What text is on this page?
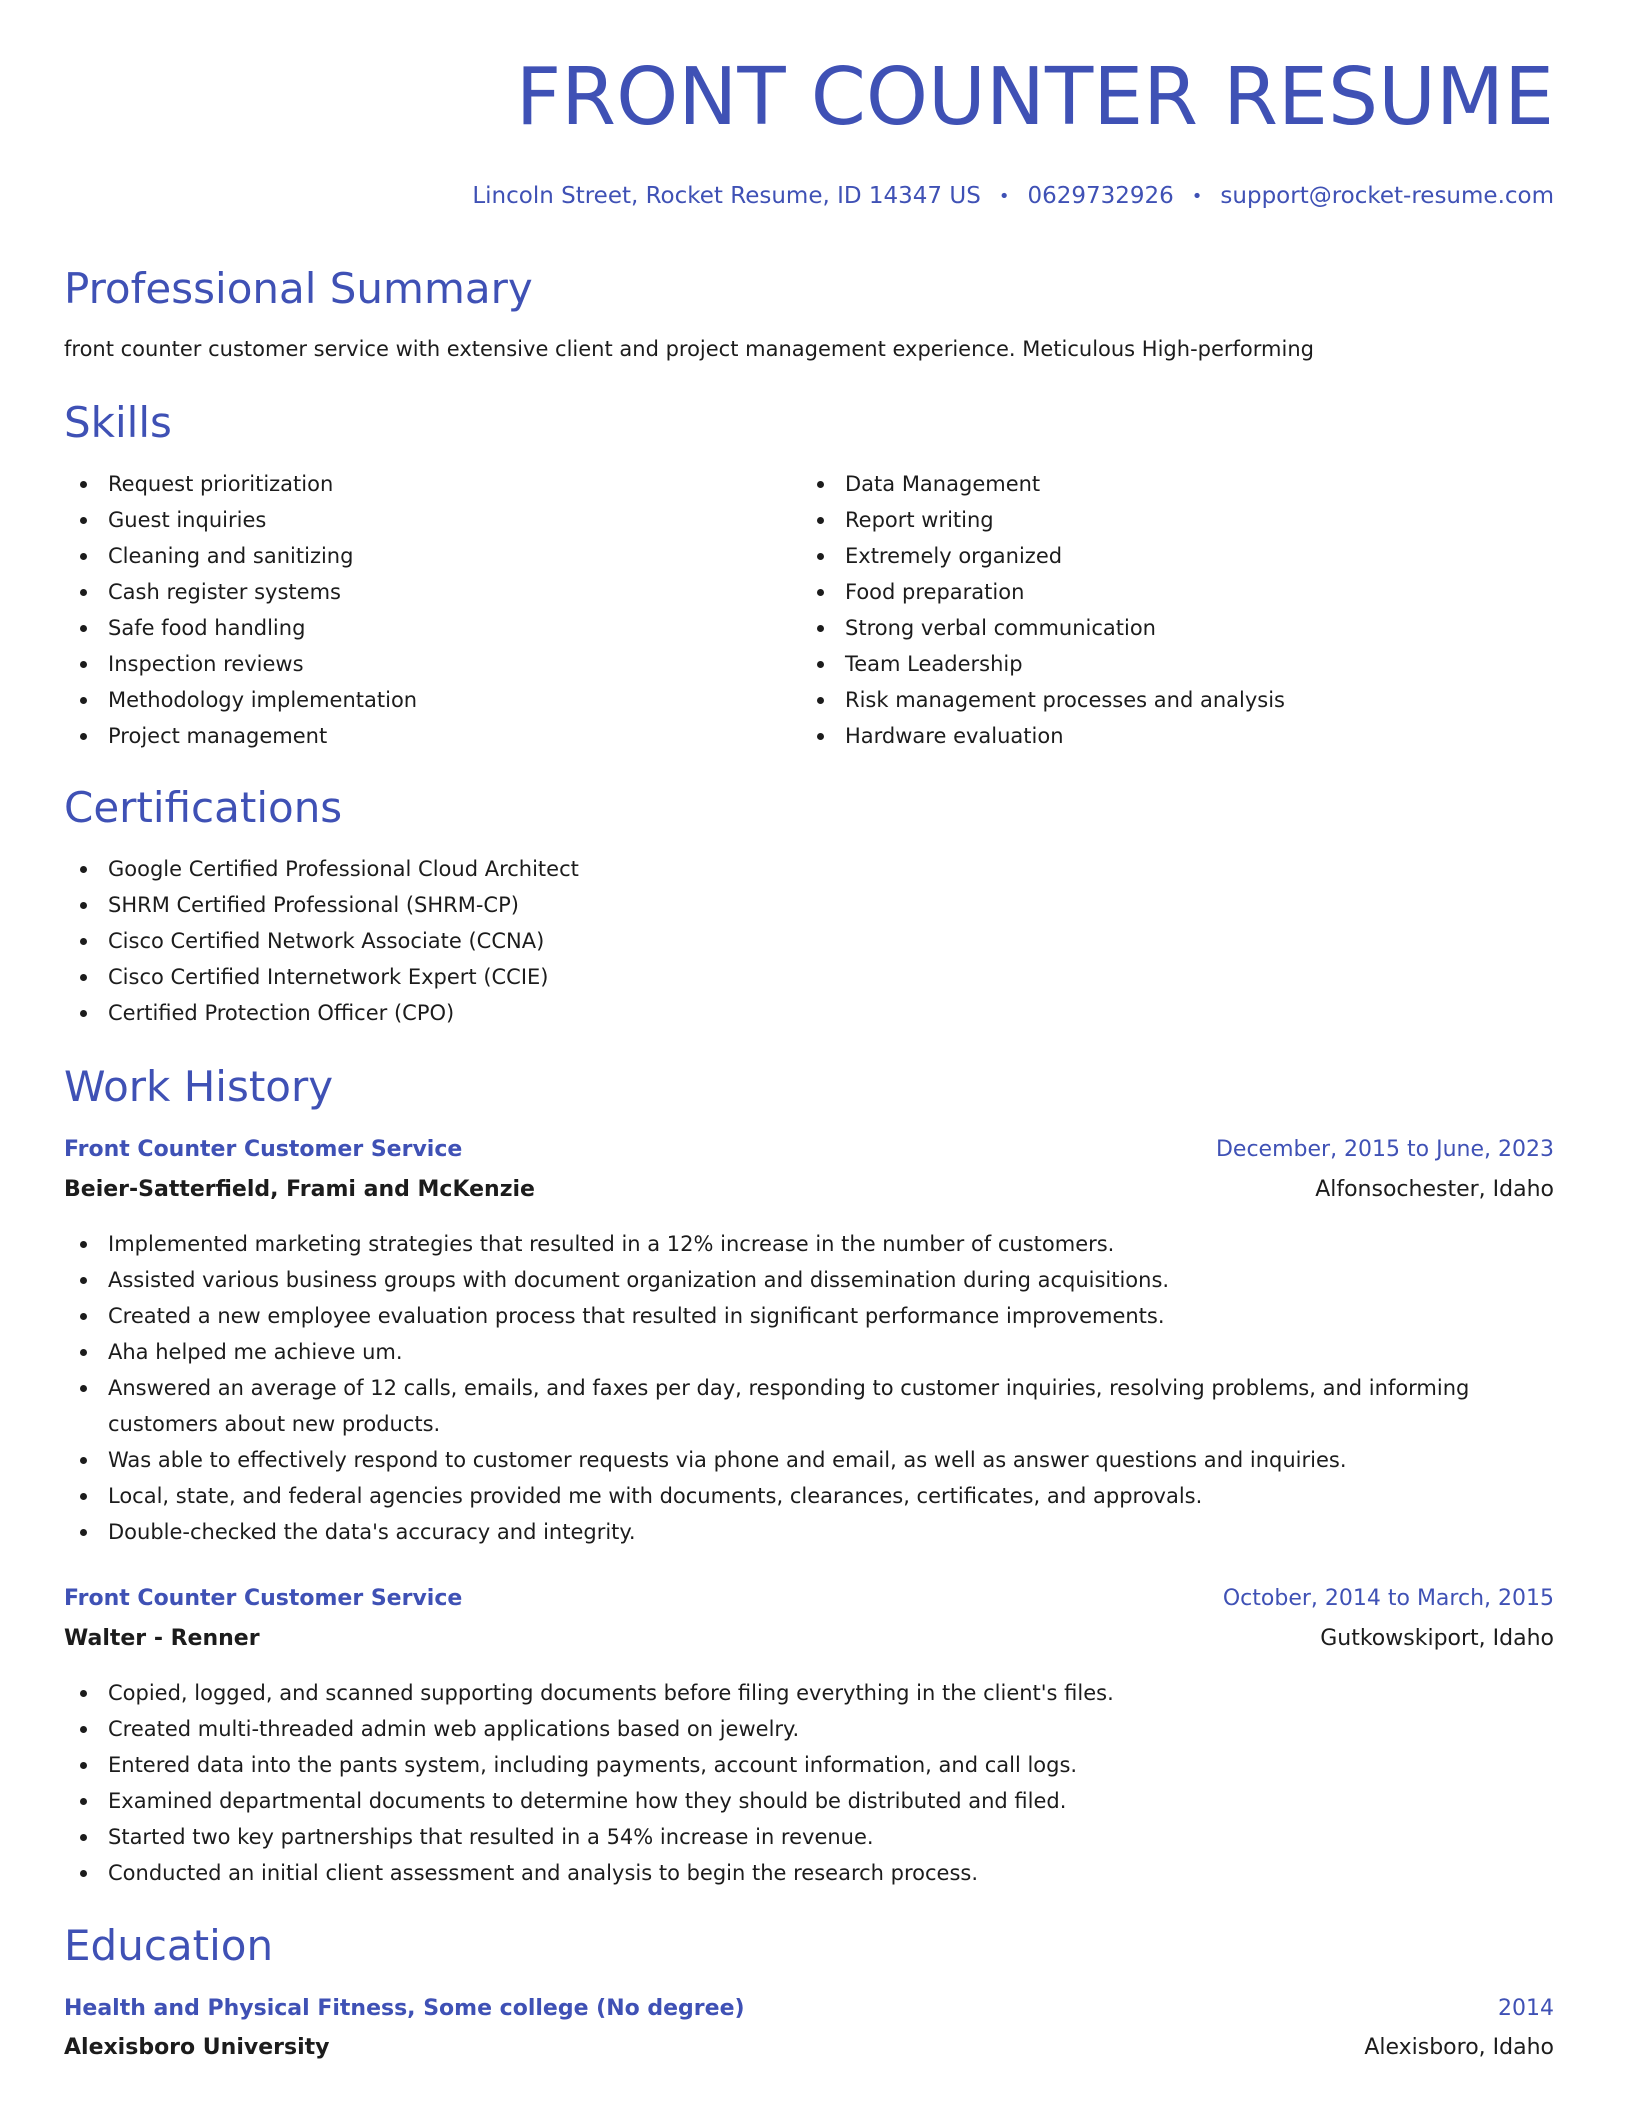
FRONT COUNTER RESUME
Lincoln Street, Rocket Resume, ID 14347 US • 0629732926 • support@rocket-resume.com
Professional Summary

front counter customer service with extensive client and project management experience. Meticulous High-performing

Skills
Request prioritization
Guest inquiries
Cleaning and sanitizing
Cash register systems
Safe food handling
Inspection reviews
Methodology implementation
Project management
Data Management
Report writing
Extremely organized
Food preparation
Strong verbal communication
Team Leadership
Risk management processes and analysis
Hardware evaluation
Certifications
Google Certified Professional Cloud Architect
SHRM Certified Professional (SHRM-CP)
Cisco Certified Network Associate (CCNA)
Cisco Certified Internetwork Expert (CCIE)
Certified Protection Officer (CPO)
Work History
Front Counter Customer Service	December, 2015 to June, 2023
Beier-Satterfield, Frami and McKenzie	Alfonsochester, Idaho
Implemented marketing strategies that resulted in a 12% increase in the number of customers.
Assisted various business groups with document organization and dissemination during acquisitions.
Created a new employee evaluation process that resulted in significant performance improvements.
Aha helped me achieve um.
Answered an average of 12 calls, emails, and faxes per day, responding to customer inquiries, resolving problems, and informing customers about new products.
Was able to effectively respond to customer requests via phone and email, as well as answer questions and inquiries.
Local, state, and federal agencies provided me with documents, clearances, certificates, and approvals.
Double-checked the data's accuracy and integrity.
Front Counter Customer Service	October, 2014 to March, 2015
Walter - Renner	Gutkowskiport, Idaho
Copied, logged, and scanned supporting documents before filing everything in the client's files.
Created multi-threaded admin web applications based on jewelry.
Entered data into the pants system, including payments, account information, and call logs.
Examined departmental documents to determine how they should be distributed and filed.
Started two key partnerships that resulted in a 54% increase in revenue.
Conducted an initial client assessment and analysis to begin the research process.
Education
Health and Physical Fitness, Some college (No degree)	2014
Alexisboro University	Alexisboro, Idaho
